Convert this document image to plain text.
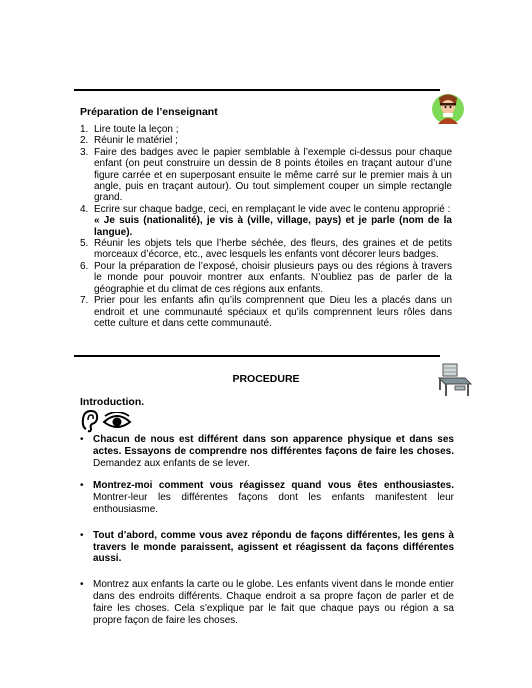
Préparation de l’enseignant
1. Lire toute la leçon ;
2. Réunir le matériel ;
3. Faire des badges avec le papier semblable à l’exemple ci-dessus pour chaque enfant (on peut construire un dessin de 8 points étoiles en traçant autour d’une figure carrée et en superposant ensuite le même carré sur le premier mais à un angle, puis en traçant autour). Ou tout simplement couper un simple rectangle grand.
4. Ecrire sur chaque badge, ceci, en remplaçant le vide avec le contenu approprié :
« Je suis (nationalité), je vis à (ville, village, pays) et je parle (nom de la langue).
5. Réunir les objets tels que l’herbe séchée, des fleurs, des graines et de petits morceaux d’écorce, etc., avec lesquels les enfants vont décorer leurs badges.
6. Pour la préparation de l’exposé, choisir plusieurs pays ou des régions à travers le monde pour pouvoir montrer aux enfants. N’oubliez pas de parler de la géographie et du climat de ces régions aux enfants.
7. Prier pour les enfants afin qu’ils comprennent que Dieu les a placés dans un endroit et une communauté spéciaux et qu’ils comprennent leurs rôles dans cette culture et dans cette communauté.
PROCEDURE
Introduction.
• Chacun de nous est différent dans son apparence physique et dans ses actes. Essayons de comprendre nos différentes façons de faire les choses. Demandez aux enfants de se lever.
• Montrez-moi comment vous réagissez quand vous êtes enthousiastes. Montrer-leur les différentes façons dont les enfants manifestent leur enthousiasme.
• Tout d’abord, comme vous avez répondu de façons différentes, les gens à travers le monde paraissent, agissent et réagissent da façons différentes aussi.
• Montrez aux enfants la carte ou le globe. Les enfants vivent dans le monde entier dans des endroits différents. Chaque endroit a sa propre façon de parler et de faire les choses. Cela s’explique par le fait que chaque pays ou région a sa propre façon de faire les choses.
